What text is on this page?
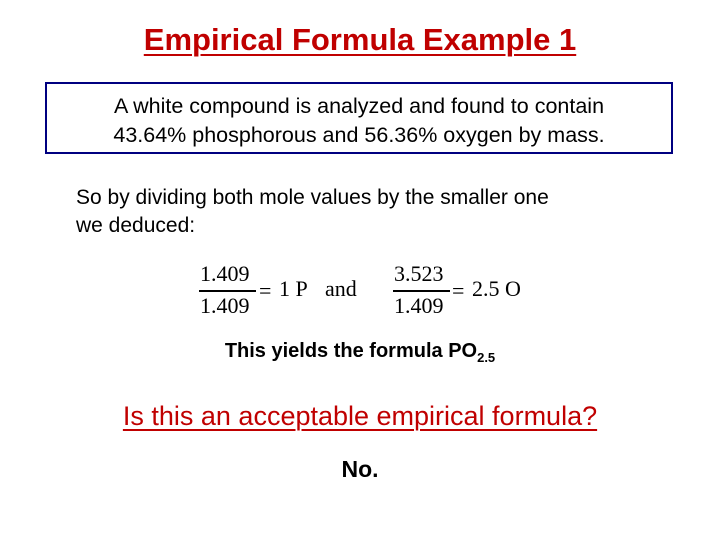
Empirical Formula Example 1
A white compound is analyzed and found to contain
43.64% phosphorous and 56.36% oxygen by mass.
So by dividing both mole values by the smaller one
we deduced:
1.409
1.409
= 1 P and
3.523
1.409
= 2.5 O
This yields the formula $PO_{2.5}$
Is this an acceptable empirical formula?
No.
